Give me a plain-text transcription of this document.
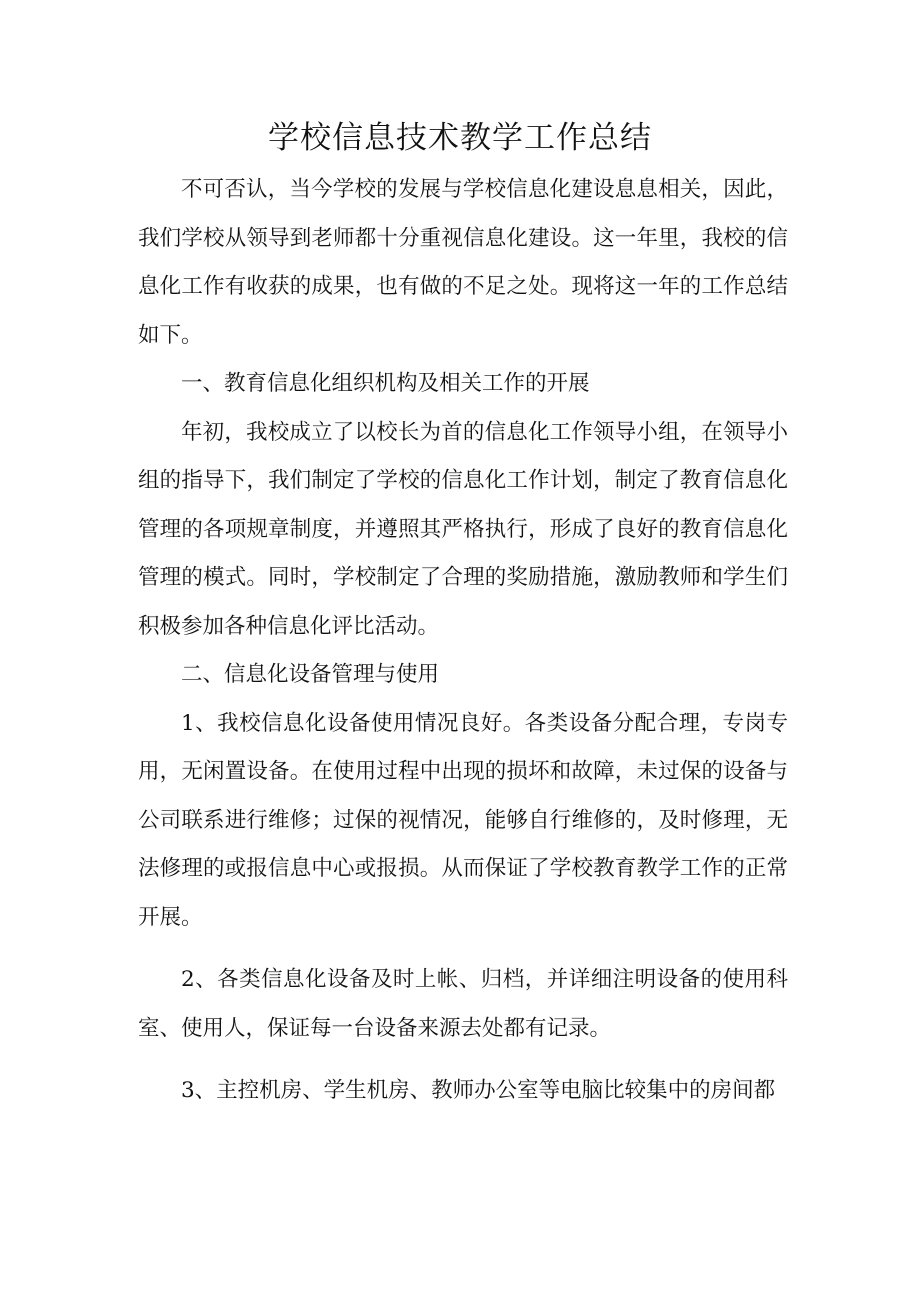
学校信息技术教学工作总结

不可否认，当今学校的发展与学校信息化建设息息相关，因此，我们学校从领导到老师都十分重视信息化建设。这一年里，我校的信息化工作有收获的成果，也有做的不足之处。现将这一年的工作总结如下。

一、教育信息化组织机构及相关工作的开展

年初，我校成立了以校长为首的信息化工作领导小组，在领导小组的指导下，我们制定了学校的信息化工作计划，制定了教育信息化管理的各项规章制度，并遵照其严格执行，形成了良好的教育信息化管理的模式。同时，学校制定了合理的奖励措施，激励教师和学生们积极参加各种信息化评比活动。

二、信息化设备管理与使用

1、我校信息化设备使用情况良好。各类设备分配合理，专岗专用，无闲置设备。在使用过程中出现的损坏和故障，未过保的设备与公司联系进行维修；过保的视情况，能够自行维修的，及时修理，无法修理的或报信息中心或报损。从而保证了学校教育教学工作的正常开展。

2、各类信息化设备及时上帐、归档，并详细注明设备的使用科室、使用人，保证每一台设备来源去处都有记录。

3、主控机房、学生机房、教师办公室等电脑比较集中的房间都
